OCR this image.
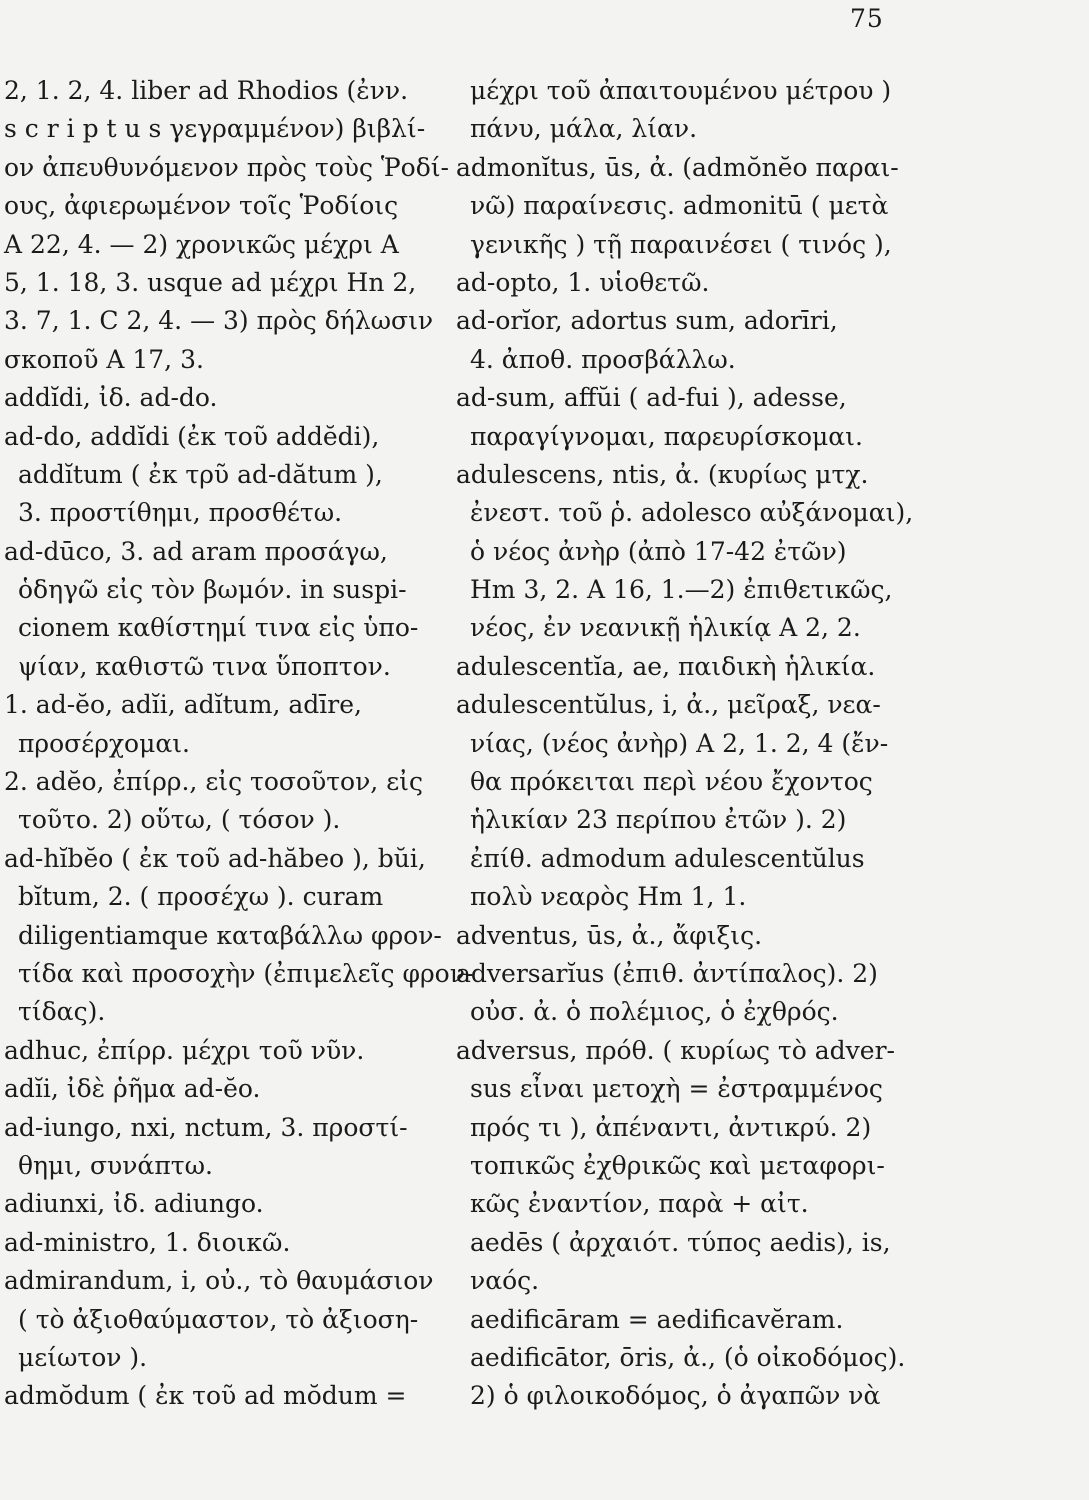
75
2, 1. 2, 4. liber ad Rhodios (ἐνν.
s c r i p t u s γεγραμμένον) βιβλί-
ον ἀπευθυνόμενον πρὸς τοὺς Ῥοδί-
ους, ἀφιερωμένον τοῖς Ῥοδίοις
A 22, 4. — 2) χρονικῶς μέχρι A
5, 1. 18, 3. usque ad μέχρι Hn 2,
3. 7, 1. C 2, 4. — 3) πρὸς δήλωσιν
σκοποῦ A 17, 3.
addĭdi, ἰδ. ad-do.
ad-do, addĭdi (ἐκ τοῦ addĕdi),
addĭtum ( ἐκ τρῦ ad-dătum ),
3. προστίθημι, προσθέτω.
ad-dūco, 3. ad aram προσάγω,
ὁδηγῶ εἰς τὸν βωμόν. in suspi-
cionem καθίστημί τινα εἰς ὑπο-
ψίαν, καθιστῶ τινα ὕποπτον.
1. ad-ĕo, adĭi, adĭtum, adīre,
προσέρχομαι.
2. adĕo, ἐπίρρ., εἰς τοσοῦτον, εἰς
τοῦτο. 2) οὕτω, ( τόσον ).
ad-hĭbĕo ( ἐκ τοῦ ad-hăbeo ), bŭi,
bĭtum, 2. ( προσέχω ). curam
diligentiamque καταβάλλω φρον-
τίδα καὶ προσοχὴν (ἐπιμελεῖς φρον-
τίδας).
adhuc, ἐπίρρ. μέχρι τοῦ νῦν.
adĭi, ἰδὲ ῥῆμα ad-ĕo.
ad-iungo, nxi, nctum, 3. προστί-
θημι, συνάπτω.
adiunxi, ἰδ. adiungo.
ad-ministro, 1. διοικῶ.
admirandum, i, οὐ., τὸ θαυμάσιον
( τὸ ἀξιοθαύμαστον, τὸ ἀξιοση-
μείωτον ).
admŏdum ( ἐκ τοῦ ad mŏdum =
μέχρι τοῦ ἀπαιτουμένου μέτρου )
πάνυ, μάλα, λίαν.
admonĭtus, ūs, ἀ. (admŏnĕo παραι-
νῶ) παραίνεσις. admonitū ( μετὰ
γενικῆς ) τῇ παραινέσει ( τινός ),
ad-opto, 1. υἱοθετῶ.
ad-orĭor, adortus sum, adorīri,
4. ἀποθ. προσβάλλω.
ad-sum, affŭi ( ad-fui ), adesse,
παραγίγνομαι, παρευρίσκομαι.
adulescens, ntis, ἀ. (κυρίως μτχ.
ἐνεστ. τοῦ ῥ. adolesco αὐξάνομαι),
ὁ νέος ἀνὴρ (ἀπὸ 17-42 ἐτῶν)
Hm 3, 2. A 16, 1.—2) ἐπιθετικῶς,
νέος, ἐν νεανικῇ ἡλικίᾳ A 2, 2.
adulescentĭa, ae, παιδικὴ ἡλικία.
adulescentŭlus, i, ἀ., μεῖραξ, νεα-
νίας, (νέος ἀνὴρ) A 2, 1. 2, 4 (ἔν-
θα πρόκειται περὶ νέου ἔχοντος
ἡλικίαν 23 περίπου ἐτῶν ). 2)
ἐπίθ. admodum adulescentŭlus
πολὺ νεαρὸς Hm 1, 1.
adventus, ūs, ἀ., ἄφιξις.
adversarĭus (ἐπιθ. ἀντίπαλος). 2)
οὐσ. ἀ. ὁ πολέμιος, ὁ ἐχθρός.
adversus, πρόθ. ( κυρίως τὸ adver-
sus εἶναι μετοχὴ = ἐστραμμένος
πρός τι ), ἀπέναντι, ἀντικρύ. 2)
τοπικῶς ἐχθρικῶς καὶ μεταφορι-
κῶς ἐναντίον, παρὰ + αἰτ.
aedēs ( ἀρχαιότ. τύπος aedis), is,
ναός.
aedificāram = aedificavĕram.
aedificātor, ōris, ἀ., (ὁ οἰκοδόμος).
2) ὁ φιλοικοδόμος, ὁ ἀγαπῶν νὰ
